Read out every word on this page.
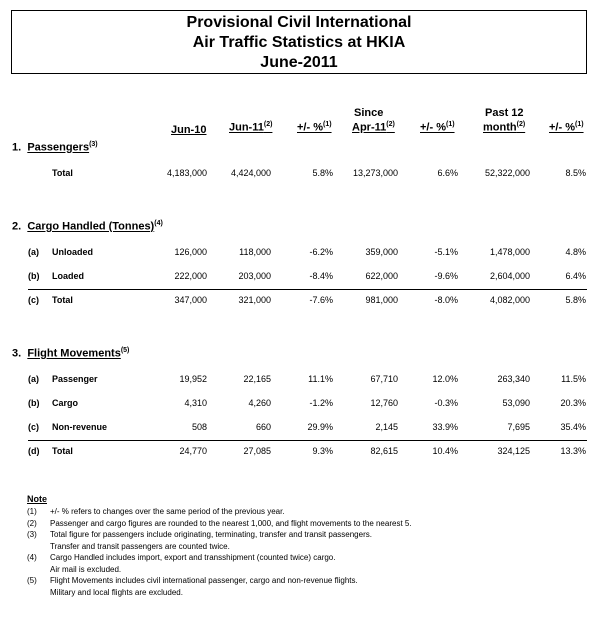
Provisional Civil International
Air Traffic Statistics at HKIA
June-2011
Jun-10 Jun-$11^{(2)}$ +/- %$^{(1)}$
Since
Apr-$11^{(2)}$ +/- %$^{(1)}$
Past 12
month$^{(2)}$ +/- %$^{(1)}$
1. Passengers$^{(3)}$
Total	4,183,000	4,424,000	5.8% 13,273,000	6.6%	52,322,000	8.5%
2. Cargo Handled (Tonnes)$^{(4)}$
(a) Unloaded	126,000	118,000	-6.2%	359,000	-5.1%	1,478,000	4.8%
(b) Loaded	222,000	203,000	-8.4%	622,000	-9.6%	2,604,000	6.4%
(c) Total	347,000	321,000	-7.6%	981,000	-8.0%	4,082,000	5.8%
3. Flight Movements$^{(5)}$
(a) Passenger	19,952	22,165	11.1%	67,710	12.0%	263,340	11.5%
(b) Cargo	4,310	4,260	-1.2%	12,760	-0.3%	53,090	20.3%
(c) Non-revenue	508	660	29.9%	2,145	33.9%	7,695	35.4%
(d) Total	24,770	27,085	9.3%	82,615	10.4%	324,125	13.3%
Note
(1) +/- % refers to changes over the same period of the previous year.
(2) Passenger and cargo figures are rounded to the nearest 1,000, and flight movements to the nearest 5.
(3) Total figure for passengers include originating, terminating, transfer and transit passengers.
Transfer and transit passengers are counted twice.
(4) Cargo Handled includes import, export and transshipment (counted twice) cargo.
Air mail is excluded.
(5) Flight Movements includes civil international passenger, cargo and non-revenue flights.
Military and local flights are excluded.
